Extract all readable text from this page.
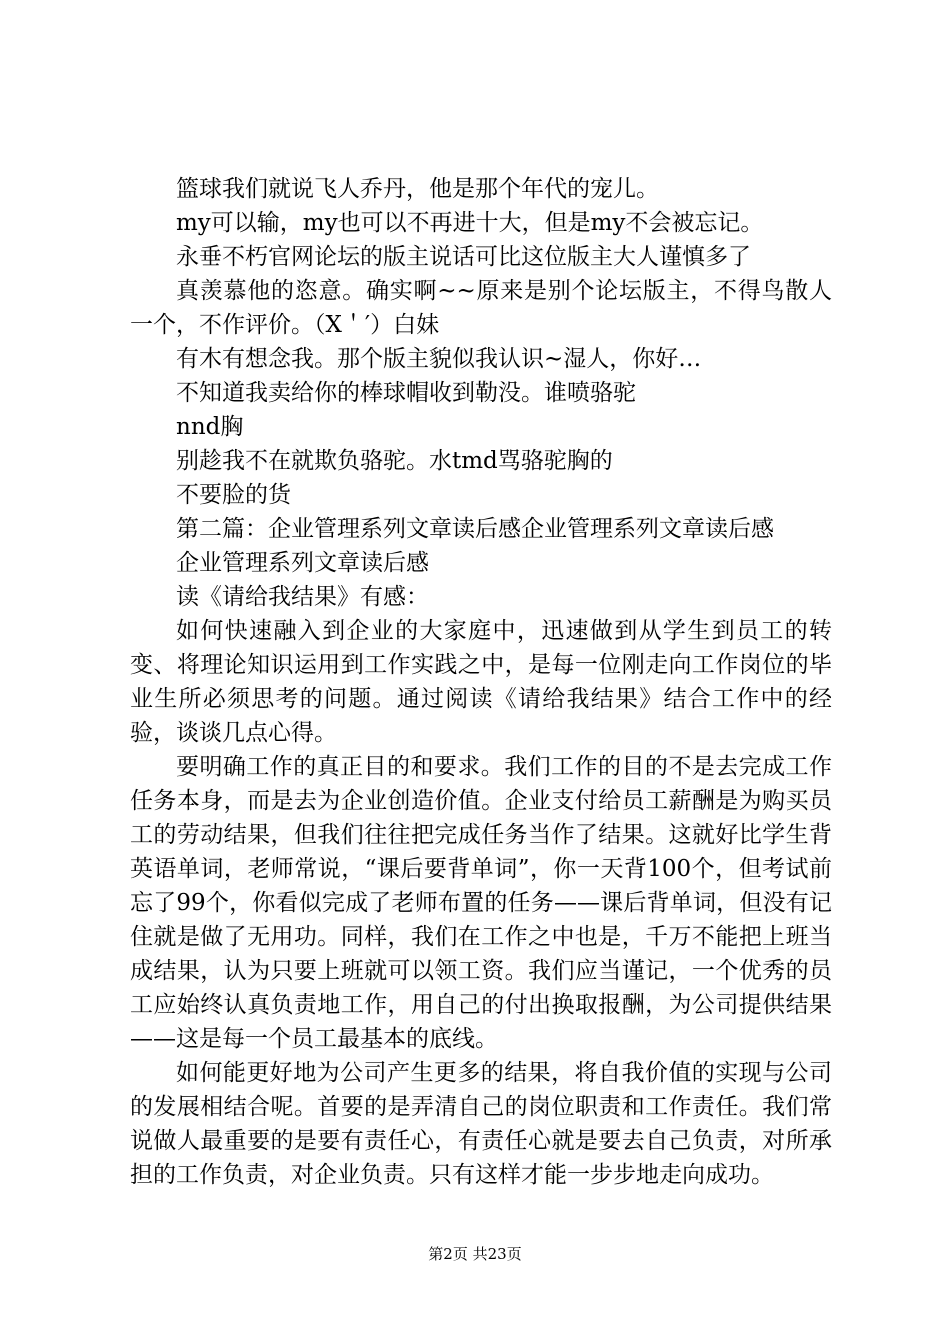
篮球我们就说飞人乔丹，他是那个年代的宠儿。

my可以输，my也可以不再进十大，但是my不会被忘记。

永垂不朽官网论坛的版主说话可比这位版主大人谨慎多了

真羡慕他的恣意。确实啊~~原来是别个论坛版主，不得鸟散人一个，不作评价。（X＇′）白妹

有木有想念我。那个版主貌似我认识~湿人，你好…

不知道我卖给你的棒球帽收到勒没。谁喷骆驼

nnd胸

别趁我不在就欺负骆驼。水tmd骂骆驼胸的

不要脸的货

第二篇：企业管理系列文章读后感企业管理系列文章读后感

企业管理系列文章读后感

读《请给我结果》有感：

如何快速融入到企业的大家庭中，迅速做到从学生到员工的转变、将理论知识运用到工作实践之中，是每一位刚走向工作岗位的毕业生所必须思考的问题。通过阅读《请给我结果》结合工作中的经验，谈谈几点心得。

要明确工作的真正目的和要求。我们工作的目的不是去完成工作任务本身，而是去为企业创造价值。企业支付给员工薪酬是为购买员工的劳动结果，但我们往往把完成任务当作了结果。这就好比学生背英语单词，老师常说，“课后要背单词”，你一天背100个，但考试前忘了99个，你看似完成了老师布置的任务——课后背单词，但没有记住就是做了无用功。同样，我们在工作之中也是，千万不能把上班当成结果，认为只要上班就可以领工资。我们应当谨记，一个优秀的员工应始终认真负责地工作，用自己的付出换取报酬，为公司提供结果——这是每一个员工最基本的底线。

如何能更好地为公司产生更多的结果，将自我价值的实现与公司的发展相结合呢。首要的是弄清自己的岗位职责和工作责任。我们常说做人最重要的是要有责任心，有责任心就是要去自己负责，对所承担的工作负责，对企业负责。只有这样才能一步步地走向成功。

第2页 共23页
